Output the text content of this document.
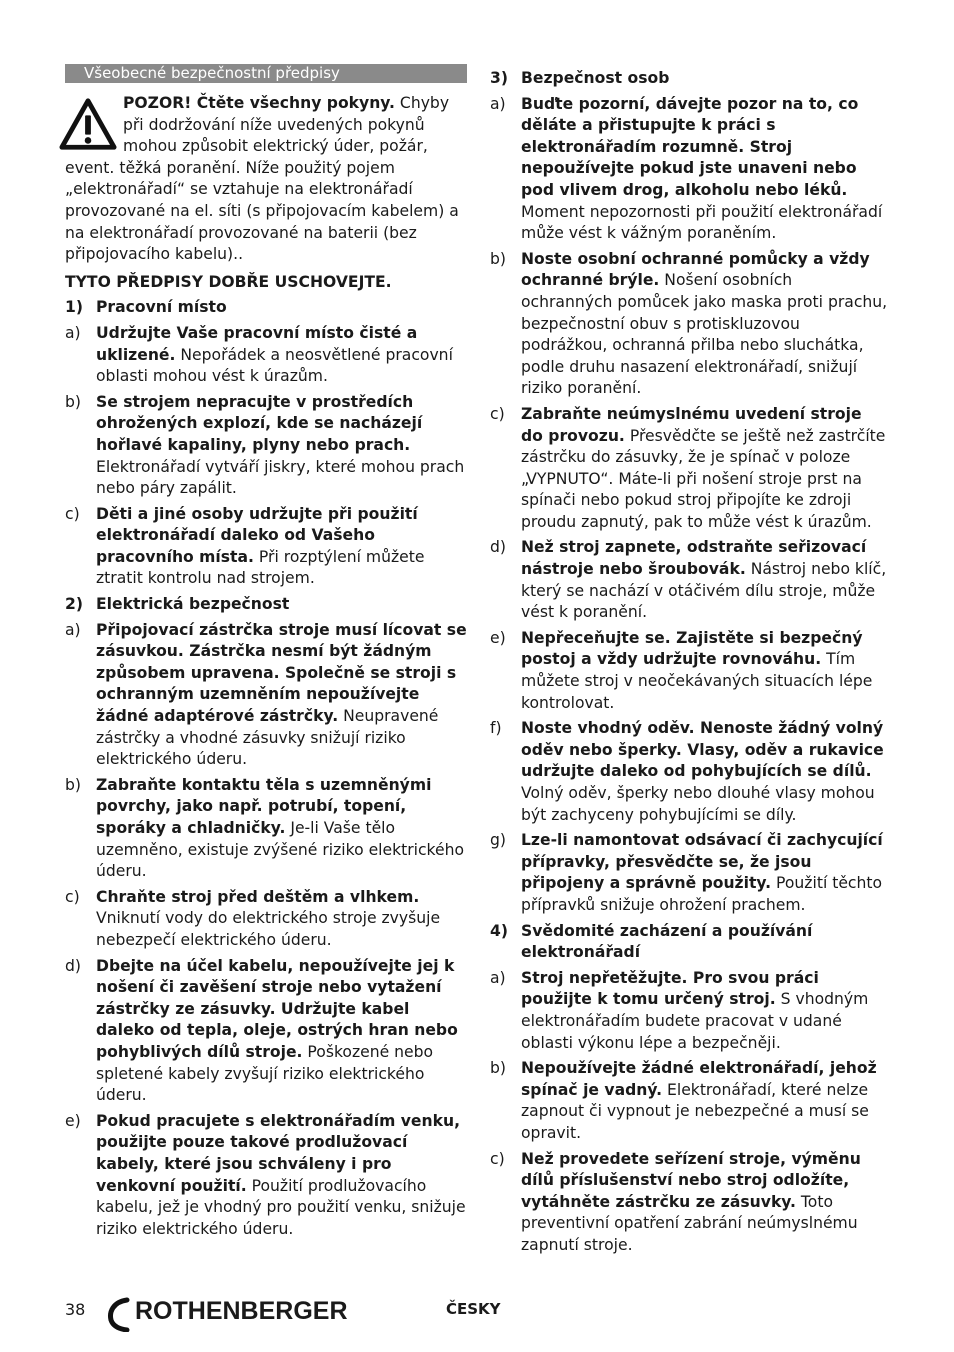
Všeobecné bezpečnostní předpisy
POZOR! Čtěte všechny pokyny. Chyby při dodržování níže uvedených pokynů mohou způsobit elektrický úder, požár, event. těžká poranění. Níže použitý pojem „elektronářadí“ se vztahuje na elektronářadí provozované na el. síti (s připojovacím kabelem) a na elektronářadí provozované na baterii (bez připojovacího kabelu)..
TYTO PŘEDPISY DOBŘE USCHOVEJTE.
1) Pracovní místo
a) Udržujte Vaše pracovní místo čisté a uklizené. Nepořádek a neosvětlené pracovní oblasti mohou vést k úrazům.
b) Se strojem nepracujte v prostředích ohrožených explozí, kde se nacházejí hořlavé kapaliny, plyny nebo prach. Elektronářadí vytváří jiskry, které mohou prach nebo páry zapálit.
c)	Děti a jiné osoby udržujte při použití elektronářadí daleko od Vašeho pracovního místa. Při rozptýlení můžete ztratit kontrolu nad strojem.
2) Elektrická bezpečnost
a) Připojovací zástrčka stroje musí lícovat se zásuvkou. Zástrčka nesmí být žádným způsobem upravena. Společně se stroji s ochranným uzemněním nepoužívejte žádné adaptérové zástrčky. Neupravené zástrčky a vhodné zásuvky snižují riziko elektrického úderu.
b) Zabraňte kontaktu těla s uzemněnými povrchy, jako např. potrubí, topení, sporáky a chladničky. Je-li Vaše tělo uzemněno, existuje zvýšené riziko elektrického úderu.
c)	Chraňte stroj před deštěm a vlhkem. Vniknutí vody do elektrického stroje zvyšuje nebezpečí elektrického úderu.
d) Dbejte na účel kabelu, nepoužívejte jej k nošení či zavěšení stroje nebo vytažení zástrčky ze zásuvky. Udržujte kabel daleko od tepla, oleje, ostrých hran nebo pohyblivých dílů stroje. Poškozené nebo spletené kabely zvyšují riziko elektrického úderu.
e) Pokud pracujete s elektronářadím venku, použijte pouze takové prodlužovací kabely, které jsou schváleny i pro venkovní použití. Použití prodlužovacího kabelu, jež je vhodný pro použití venku, snižuje riziko elektrického úderu.
3) Bezpečnost osob
a) Buďte pozorní, dávejte pozor na to, co děláte a přistupujte k práci s elektronářadím rozumně. Stroj nepoužívejte pokud jste unaveni nebo pod vlivem drog, alkoholu nebo léků. Moment nepozornosti při použití elektronářadí může vést k vážným poraněním.
b) Noste osobní ochranné pomůcky a vždy ochranné brýle. Nošení osobních ochranných pomůcek jako maska proti prachu, bezpečnostní obuv s protiskluzovou podrážkou, ochranná přilba nebo sluchátka, podle druhu nasazení elektronářadí, snižují riziko poranění.
c)	Zabraňte neúmyslnému uvedení stroje do provozu. Přesvědčte se ještě než zastrčíte zástrčku do zásuvky, že je spínač v poloze „VYPNUTO“. Máte-li při nošení stroje prst na spínači nebo pokud stroj připojíte ke zdroji proudu zapnutý, pak to může vést k úrazům.
d) Než stroj zapnete, odstraňte seřizovací nástroje nebo šroubovák. Nástroj nebo klíč, který se nachází v otáčivém dílu stroje, může vést k poranění.
e) Nepřeceňujte se. Zajistěte si bezpečný postoj a vždy udržujte rovnováhu. Tím můžete stroj v neočekávaných situacích lépe kontrolovat.
f)	Noste vhodný oděv. Nenoste žádný volný oděv nebo šperky. Vlasy, oděv a rukavice udržujte daleko od pohybujících se dílů. Volný oděv, šperky nebo dlouhé vlasy mohou být zachyceny pohybujícími se díly.
g) Lze-li namontovat odsávací či zachycující přípravky, přesvědčte se, že jsou připojeny a správně použity. Použití těchto přípravků snižuje ohrožení prachem.
4) Svědomité zacházení a používání elektronářadí
a) Stroj nepřetěžujte. Pro svou práci použijte k tomu určený stroj. S vhodným elektronářadím budete pracovat v udané oblasti výkonu lépe a bezpečněji.
b) Nepoužívejte žádné elektronářadí, jehož spínač je vadný. Elektronářadí, které nelze zapnout či vypnout je nebezpečné a musí se opravit.
c)	Než provedete seřízení stroje, výměnu dílů příslušenství nebo stroj odložíte, vytáhněte zástrčku ze zásuvky. Toto preventivní opatření zabrání neúmyslnému zapnutí stroje.
38 ROTHENBERGER	ČESKY
